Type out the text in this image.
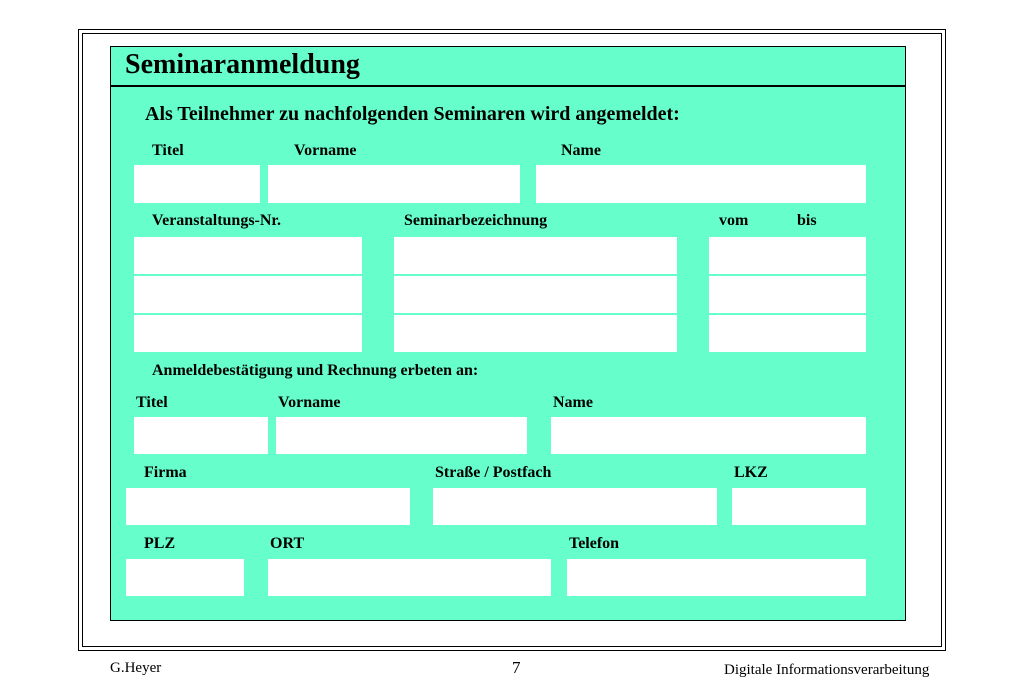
Seminaranmeldung
Als Teilnehmer zu nachfolgenden Seminaren wird angemeldet:
Titel	Vorname	Name
Veranstaltungs-Nr.	Seminarbezeichnung	vom	bis
Anmeldebestätigung und Rechnung erbeten an:
Titel	Vorname	Name
Firma	Straße / Postfach	LKZ
PLZ	ORT	Telefon
G.Heyer	7	Digitale Informationsverarbeitung
